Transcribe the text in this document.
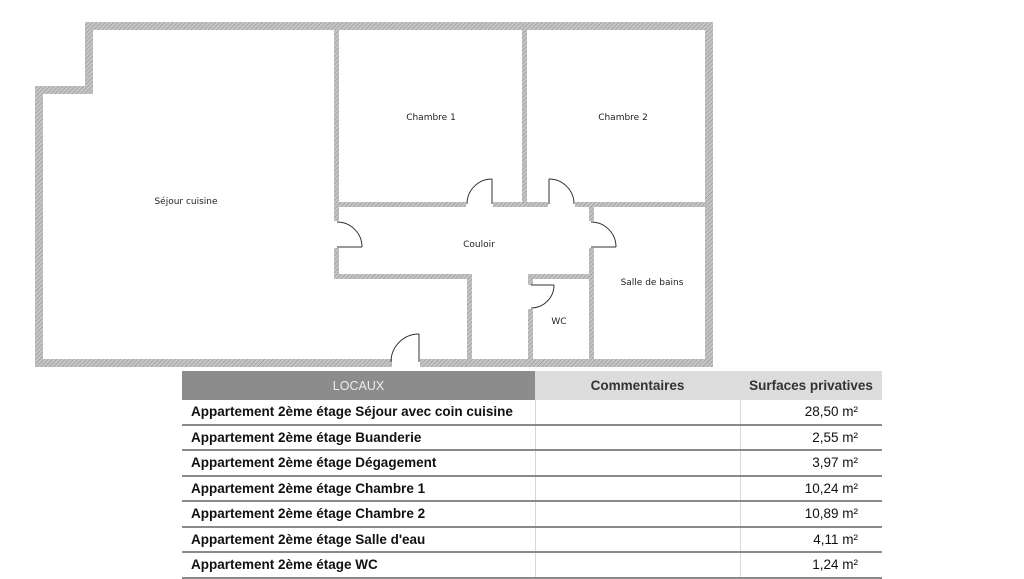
Séjour cuisine
Chambre 1	Chambre 2
Couloir
Salle de bains
WC
LOCAUX	Commentaires	Surfaces privatives
Appartement 2ème étage Séjour avec coin cuisine		28,50 m²
Appartement 2ème étage Buanderie		2,55 m²
Appartement 2ème étage Dégagement		3,97 m²
Appartement 2ème étage Chambre 1		10,24 m²
Appartement 2ème étage Chambre 2		10,89 m²
Appartement 2ème étage Salle d'eau		4,11 m²
Appartement 2ème étage WC		1,24 m²
